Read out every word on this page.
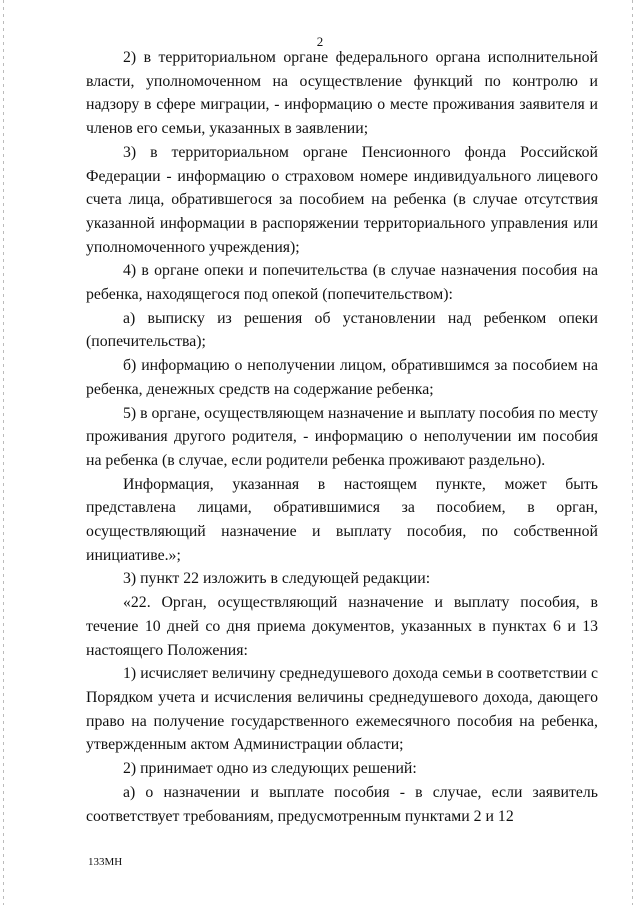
2

2) в территориальном органе федерального органа исполнительной власти, уполномоченном на осуществление функций по контролю и надзору в сфере миграции, - информацию о месте проживания заявителя и членов его семьи, указанных в заявлении;

3) в территориальном органе Пенсионного фонда Российской Федерации - информацию о страховом номере индивидуального лицевого счета лица, обратившегося за пособием на ребенка (в случае отсутствия указанной информации в распоряжении территориального управления или уполномоченного учреждения);

4) в органе опеки и попечительства (в случае назначения пособия на ребенка, находящегося под опекой (попечительством):

а) выписку из решения об установлении над ребенком опеки (попечительства);

б) информацию о неполучении лицом, обратившимся за пособием на ребенка, денежных средств на содержание ребенка;

5) в органе, осуществляющем назначение и выплату пособия по месту проживания другого родителя, - информацию о неполучении им пособия на ребенка (в случае, если родители ребенка проживают раздельно).

Информация, указанная в настоящем пункте, может быть представлена лицами, обратившимися за пособием, в орган, осуществляющий назначение и выплату пособия, по собственной инициативе.»;

3) пункт 22 изложить в следующей редакции:

«22. Орган, осуществляющий назначение и выплату пособия, в течение 10 дней со дня приема документов, указанных в пунктах 6 и 13 настоящего Положения:

1) исчисляет величину среднедушевого дохода семьи в соответствии с Порядком учета и исчисления величины среднедушевого дохода, дающего право на получение государственного ежемесячного пособия на ребенка, утвержденным актом Администрации области;

2) принимает одно из следующих решений:

а) о назначении и выплате пособия - в случае, если заявитель соответствует требованиям, предусмотренным пунктами 2 и 12

133МН
